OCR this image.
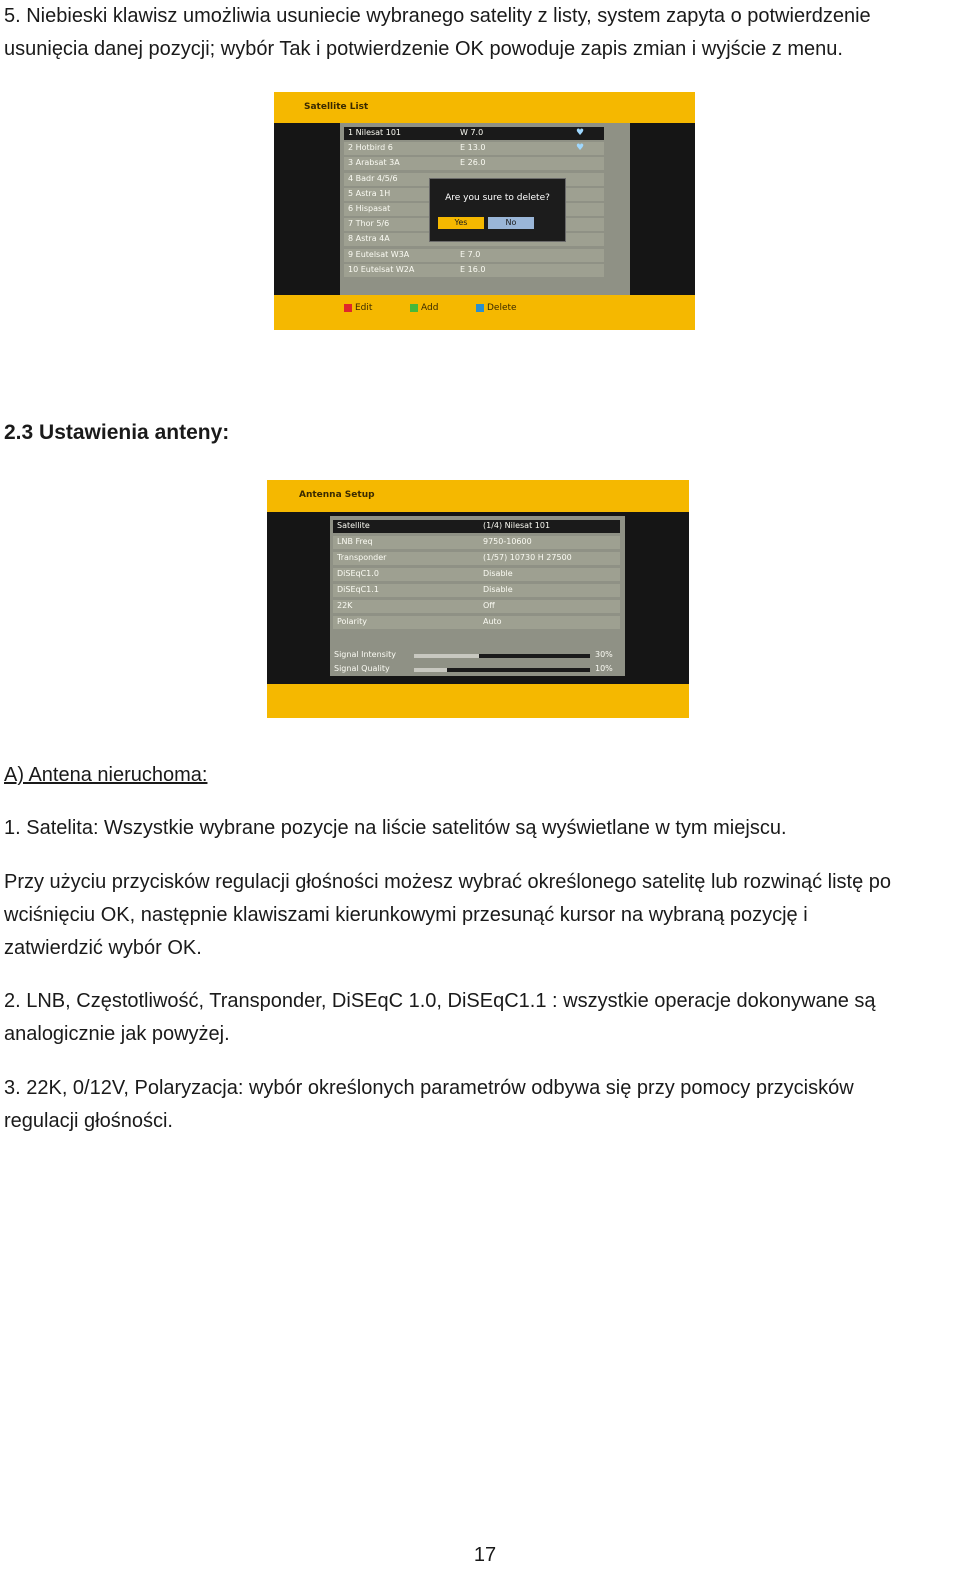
5. Niebieski klawisz umożliwia usuniecie wybranego satelity z listy, system zapyta o potwierdzenie

usunięcia danej pozycji; wybór Tak i potwierdzenie OK powoduje zapis zmian i wyjście z menu.

Satellite List
1 Nilesat 101	W 7.0	♥
2 Hotbird 6	E 13.0	♥
3 Arabsat 3A	E 26.0
4 Badr 4/5/6
5 Astra 1H
6 Hispasat
7 Thor 5/6
8 Astra 4A
9 Eutelsat W3A	E 7.0
10 Eutelsat W2A	E 16.0
Are you sure to delete?
Yes	No
Edit	Add	Delete
2.3 Ustawienia anteny:
Antenna Setup
Satellite	(1/4) Nilesat 101
LNB Freq	9750-10600
Transponder	(1/57) 10730 H 27500
DiSEqC1.0	Disable
DiSEqC1.1	Disable
22K	Off
Polarity	Auto
Signal Intensity	30%
Signal Quality	10%

A) Antena nieruchoma:

1. Satelita: Wszystkie wybrane pozycje na liście satelitów są wyświetlane w tym miejscu.

Przy użyciu przycisków regulacji głośności możesz wybrać określonego satelitę lub rozwinąć listę po

wciśnięciu OK, następnie klawiszami kierunkowymi przesunąć kursor na wybraną pozycję i

zatwierdzić wybór OK.

2. LNB, Częstotliwość, Transponder, DiSEqC 1.0, DiSEqC1.1 : wszystkie operacje dokonywane są

analogicznie jak powyżej.

3. 22K, 0/12V, Polaryzacja: wybór określonych parametrów odbywa się przy pomocy przycisków

regulacji głośności.

17
